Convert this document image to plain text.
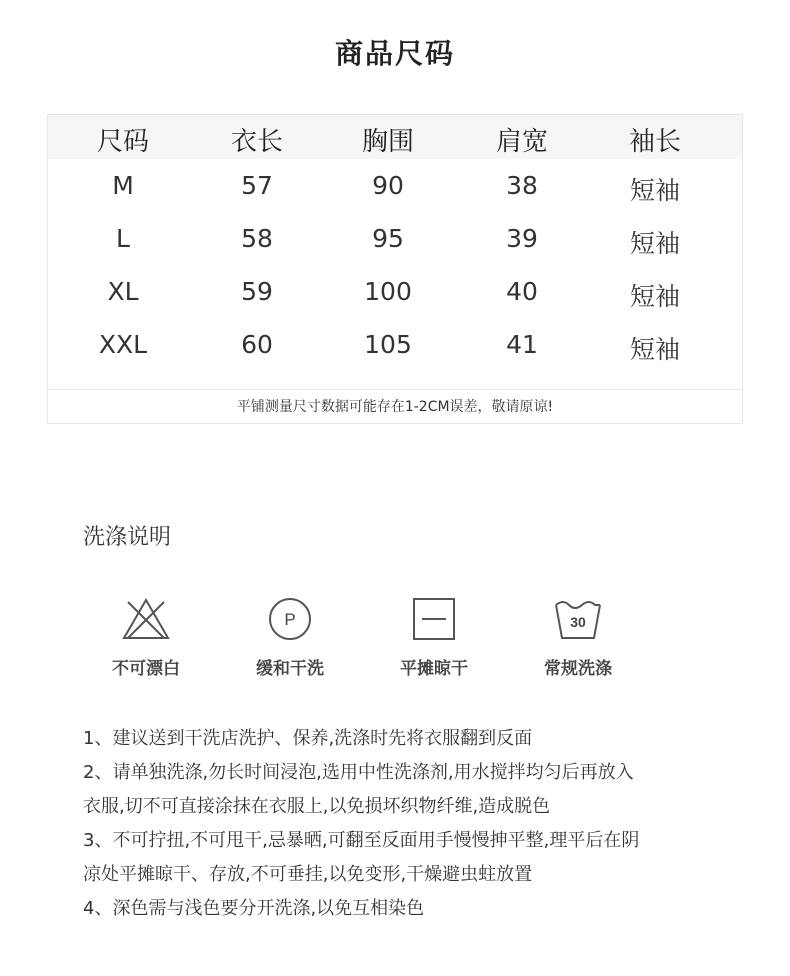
商品尺码
尺码	衣长	胸围	肩宽	袖长
M	57	90	38	短袖
L	58	95	39	短袖
XL	59	100	40	短袖
XXL	60	105	41	短袖
平铺测量尺寸数据可能存在1-2CM误差，敬请原谅!
洗涤说明
不可漂白
P
缓和干洗	平摊晾干
30
常规洗涤

1、建议送到干洗店洗护、保养,洗涤时先将衣服翻到反面

2、请单独洗涤,勿长时间浸泡,选用中性洗涤剂,用水搅拌均匀后再放入

衣服,切不可直接涂抹在衣服上,以免损坏织物纤维,造成脱色

3、不可拧扭,不可甩干,忌暴晒,可翻至反面用手慢慢抻平整,理平后在阴

凉处平摊晾干、存放,不可垂挂,以免变形,干燥避虫蛀放置

4、深色需与浅色要分开洗涤,以免互相染色
